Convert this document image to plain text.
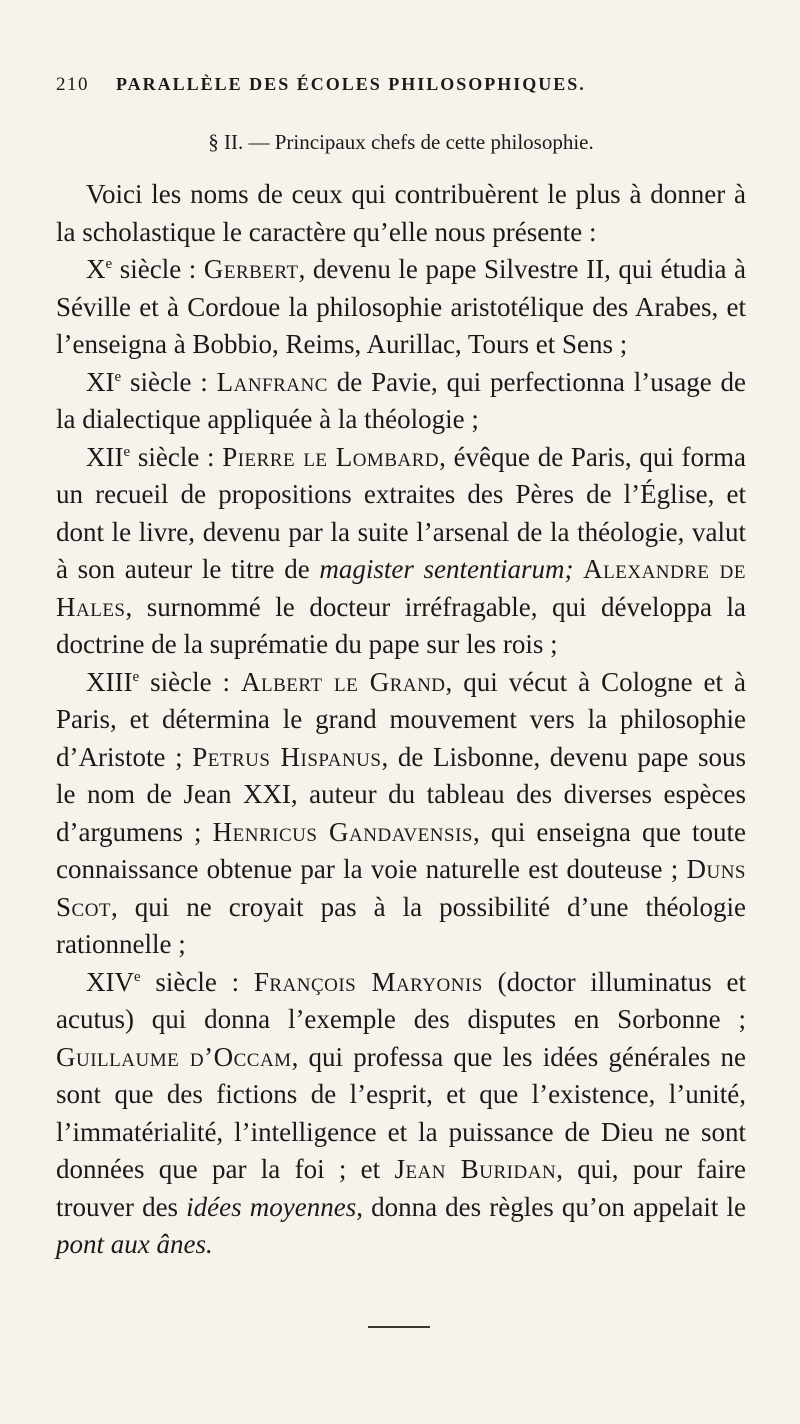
210	PARALLÈLE DES ÉCOLES PHILOSOPHIQUES.
§ II. — Principaux chefs de cette philosophie.

Voici les noms de ceux qui contribuèrent le plus à donner à la scholastique le caractère qu’elle nous présente :

Xe siècle : Gerbert, devenu le pape Silvestre II, qui étudia à Séville et à Cordoue la philosophie aristotélique des Arabes, et l’enseigna à Bobbio, Reims, Aurillac, Tours et Sens ;

XIe siècle : Lanfranc de Pavie, qui perfectionna l’usage de la dialectique appliquée à la théologie ;

XIIe siècle : Pierre le Lombard, évêque de Paris, qui forma un recueil de propositions extraites des Pères de l’Église, et dont le livre, devenu par la suite l’arsenal de la théologie, valut à son auteur le titre de magister sententiarum; Alexandre de Hales, surnommé le docteur irréfragable, qui développa la doctrine de la suprématie du pape sur les rois ;

XIIIe siècle : Albert le Grand, qui vécut à Cologne et à Paris, et détermina le grand mouvement vers la philosophie d’Aristote ; Petrus Hispanus, de Lisbonne, devenu pape sous le nom de Jean XXI, auteur du tableau des diverses espèces d’argumens ; Henricus Gandavensis, qui enseigna que toute connaissance obtenue par la voie naturelle est douteuse ; Duns Scot, qui ne croyait pas à la possibilité d’une théologie rationnelle ;

XIVe siècle : François Maryonis (doctor illuminatus et acutus) qui donna l’exemple des disputes en Sorbonne ; Guillaume d’Occam, qui professa que les idées générales ne sont que des fictions de l’esprit, et que l’existence, l’unité, l’immatérialité, l’intelligence et la puissance de Dieu ne sont données que par la foi ; et Jean Buridan, qui, pour faire trouver des idées moyennes, donna des règles qu’on appelait le pont aux ânes.
